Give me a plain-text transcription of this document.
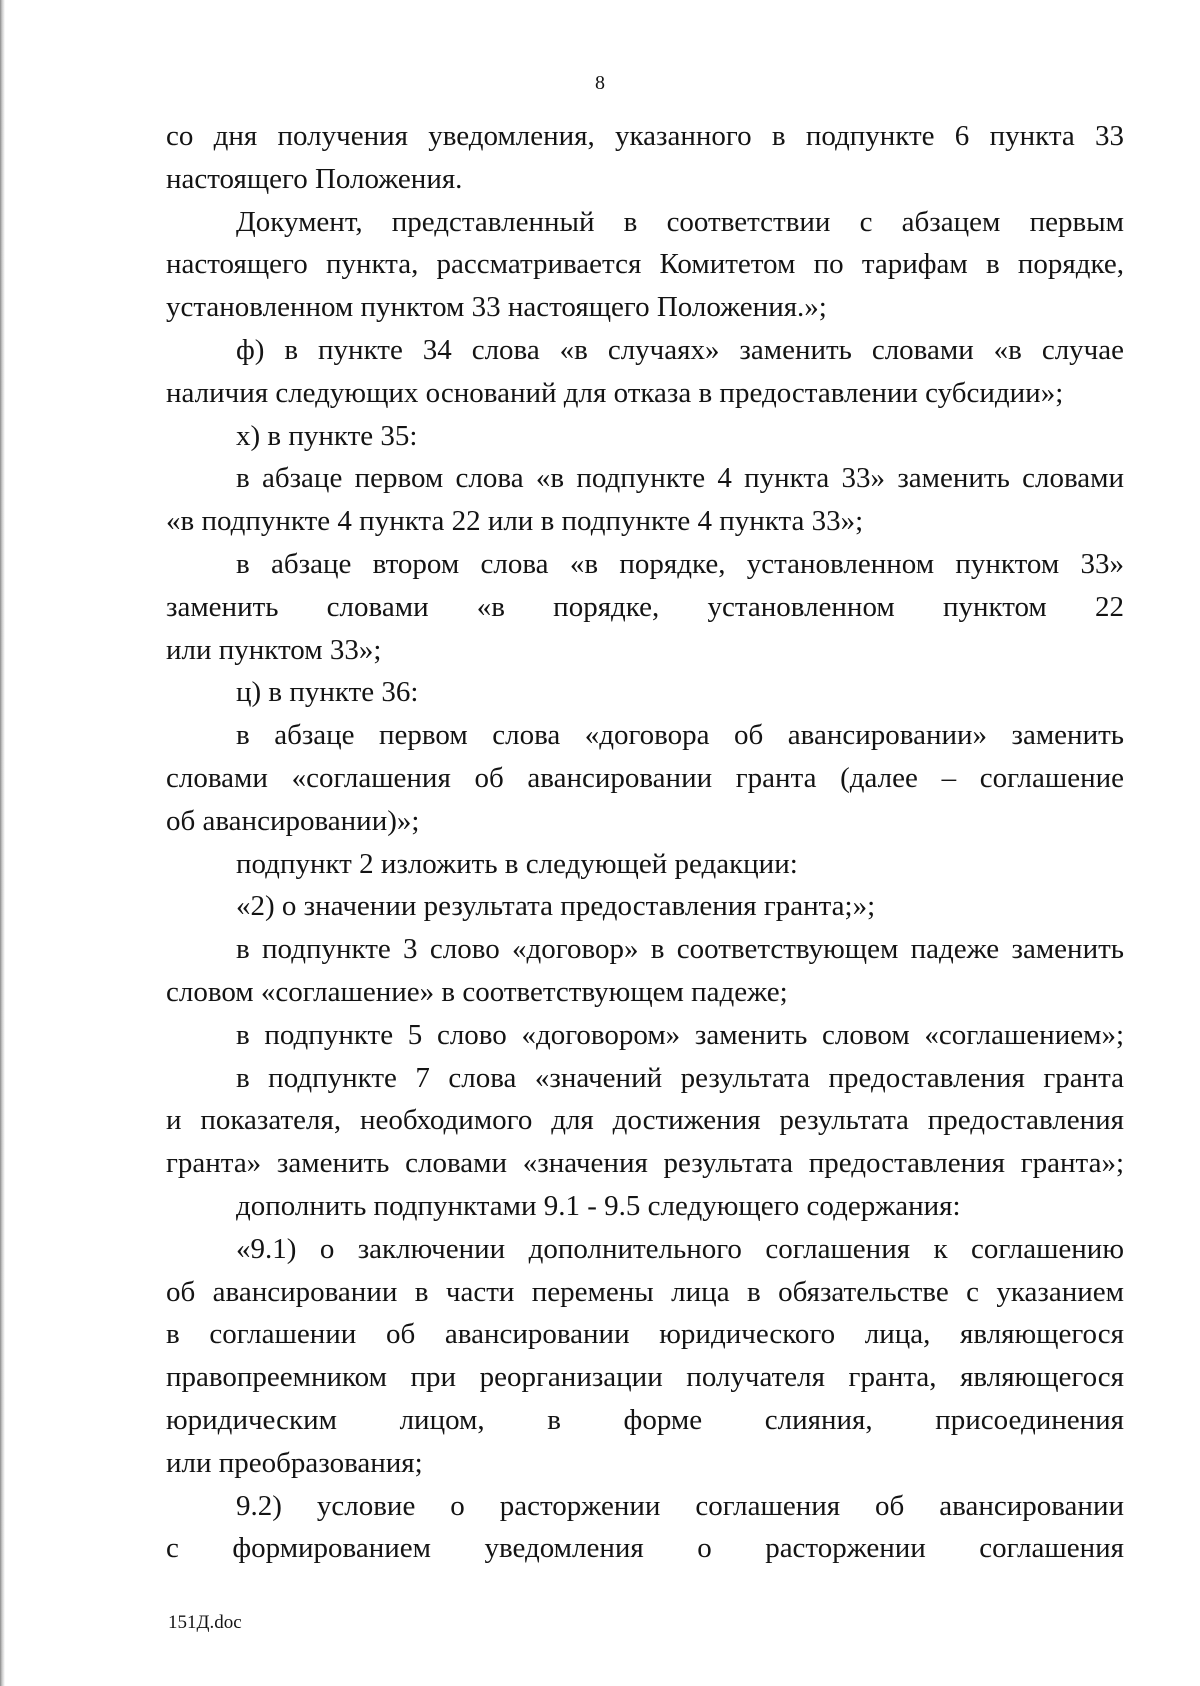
8
со дня получения уведомления, указанного в подпункте 6 пункта 33
настоящего Положения.
Документ, представленный в соответствии с абзацем первым
настоящего пункта, рассматривается Комитетом по тарифам в порядке,
установленном пунктом 33 настоящего Положения.»;
ф) в пункте 34 слова «в случаях» заменить словами «в случае
наличия следующих оснований для отказа в предоставлении субсидии»;
х) в пункте 35:
в абзаце первом слова «в подпункте 4 пункта 33» заменить словами
«в подпункте 4 пункта 22 или в подпункте 4 пункта 33»;
в абзаце втором слова «в порядке, установленном пунктом 33»
заменить словами «в порядке, установленном пунктом 22
или пунктом 33»;
ц) в пункте 36:
в абзаце первом слова «договора об авансировании» заменить
словами «соглашения об авансировании гранта (далее – соглашение
об авансировании)»;
подпункт 2 изложить в следующей редакции:
«2) о значении результата предоставления гранта;»;
в подпункте 3 слово «договор» в соответствующем падеже заменить
словом «соглашение» в соответствующем падеже;
в подпункте 5 слово «договором» заменить словом «соглашением»;
в подпункте 7 слова «значений результата предоставления гранта
и показателя, необходимого для достижения результата предоставления
гранта» заменить словами «значения результата предоставления гранта»;
дополнить подпунктами 9.1 - 9.5 следующего содержания:
«9.1) о заключении дополнительного соглашения к соглашению
об авансировании в части перемены лица в обязательстве с указанием
в соглашении об авансировании юридического лица, являющегося
правопреемником при реорганизации получателя гранта, являющегося
юридическим лицом, в форме слияния, присоединения
или преобразования;
9.2) условие о расторжении соглашения об авансировании
с формированием уведомления о расторжении соглашения
151Д.doc
